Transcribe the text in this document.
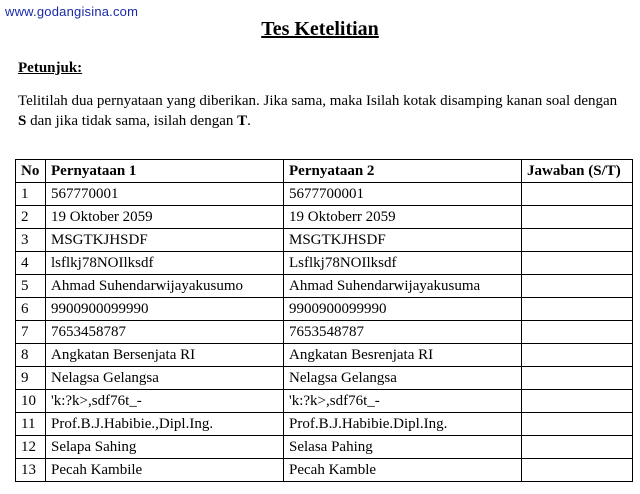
www.godangisina.com
Tes Ketelitian
Petunjuk:
Telitilah dua pernyataan yang diberikan. Jika sama, maka Isilah kotak disamping kanan soal dengan S dan jika tidak sama, isilah dengan T.
No	Pernyataan 1	Pernyataan 2	Jawaban (S/T)
1	567770001	5677700001	
2	19 Oktober 2059	19 Oktoberr 2059	
3	MSGTKJHSDF	MSGTKJHSDF	
4	lsflkj78NOIlksdf	Lsflkj78NOIlksdf	
5	Ahmad Suhendarwijayakusumo	Ahmad Suhendarwijayakusuma	
6	9900900099990	9900900099990	
7	7653458787	7653548787	
8	Angkatan Bersenjata RI	Angkatan Besrenjata RI	
9	Nelagsa Gelangsa	Nelagsa Gelangsa	
10	'k:?k>,sdf76t_-	'k:?k>,sdf76t_-	
11	Prof.B.J.Habibie.,Dipl.Ing.	Prof.B.J.Habibie.Dipl.Ing.	
12	Selapa Sahing	Selasa Pahing	
13	Pecah Kambile	Pecah Kamble	
